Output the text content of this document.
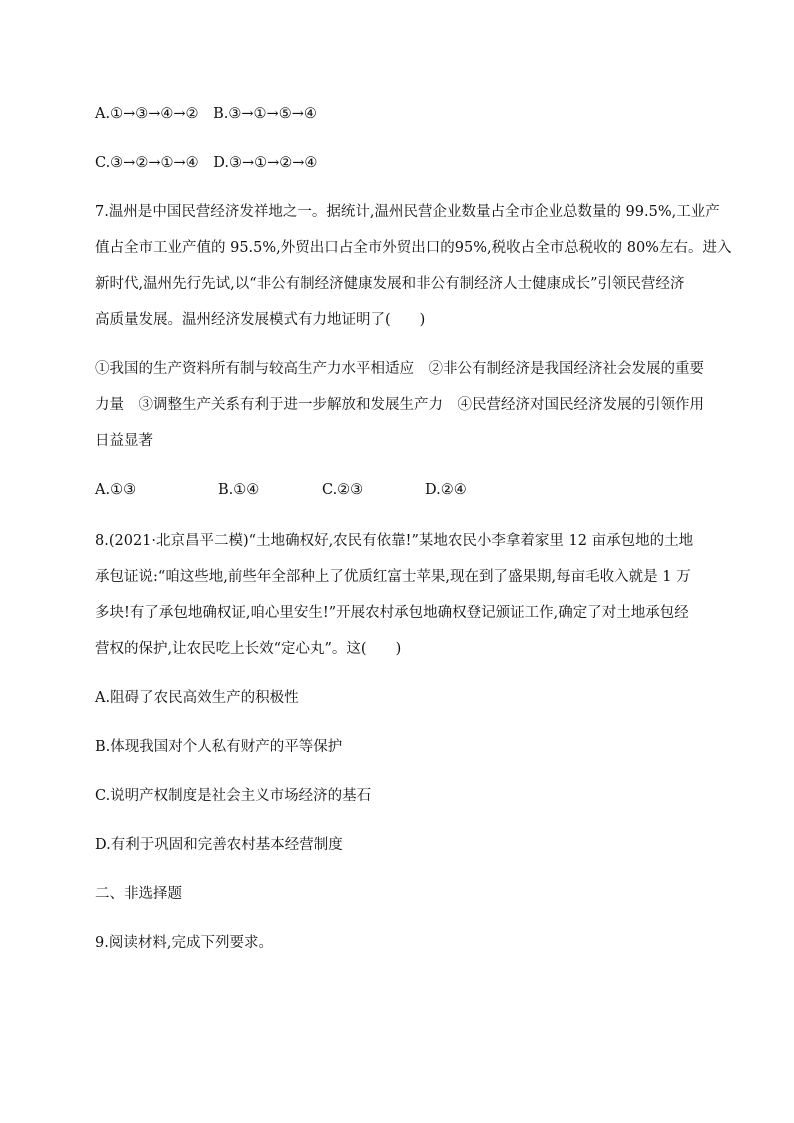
A.①→③→④→② B.③→①→⑤→④
C.③→②→①→④ D.③→①→②→④

7.温州是中国民营经济发祥地之一。据统计,温州民营企业数量占全市企业总数量的 99.5%,工业产

值占全市工业产值的 95.5%,外贸出口占全市外贸出口的95%,税收占全市总税收的 80%左右。进入

新时代,温州先行先试,以“非公有制经济健康发展和非公有制经济人士健康成长”引领民营经济

高质量发展。温州经济发展模式有力地证明了(　　)

①我国的生产资料所有制与较高生产力水平相适应　②非公有制经济是我国经济社会发展的重要

力量　③调整生产关系有利于进一步解放和发展生产力　④民营经济对国民经济发展的引领作用

日益显著

A.①③	B.①④	C.②③	D.②④

8.(2021·北京昌平二模)“土地确权好,农民有依靠!”某地农民小李拿着家里 12 亩承包地的土地

承包证说:“咱这些地,前些年全部种上了优质红富士苹果,现在到了盛果期,每亩毛收入就是 1 万

多块!有了承包地确权证,咱心里安生!”开展农村承包地确权登记颁证工作,确定了对土地承包经

营权的保护,让农民吃上长效“定心丸”。这(　　)

A.阻碍了农民高效生产的积极性

B.体现我国对个人私有财产的平等保护

C.说明产权制度是社会主义市场经济的基石

D.有利于巩固和完善农村基本经营制度

二、非选择题

9.阅读材料,完成下列要求。
